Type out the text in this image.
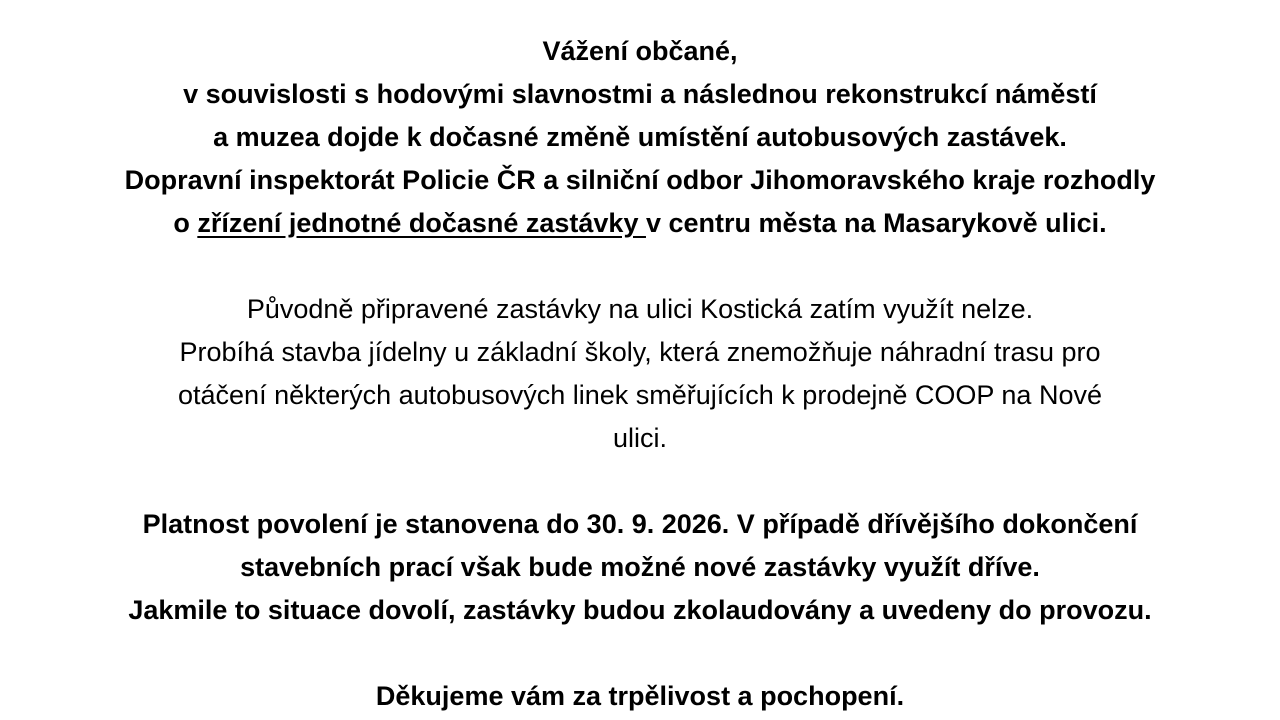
Vážení občané,
v souvislosti s hodovými slavnostmi a následnou rekonstrukcí náměstí
a muzea dojde k dočasné změně umístění autobusových zastávek.
Dopravní inspektorát Policie ČR a silniční odbor Jihomoravského kraje rozhodly
o zřízení jednotné dočasné zastávky v centru města na Masarykově ulici.
Původně připravené zastávky na ulici Kostická zatím využít nelze.
Probíhá stavba jídelny u základní školy, která znemožňuje náhradní trasu pro
otáčení některých autobusových linek směřujících k prodejně COOP na Nové
ulici.
Platnost povolení je stanovena do 30. 9. 2026. V případě dřívějšího dokončení
stavebních prací však bude možné nové zastávky využít dříve.
Jakmile to situace dovolí, zastávky budou zkolaudovány a uvedeny do provozu.
Děkujeme vám za trpělivost a pochopení.
